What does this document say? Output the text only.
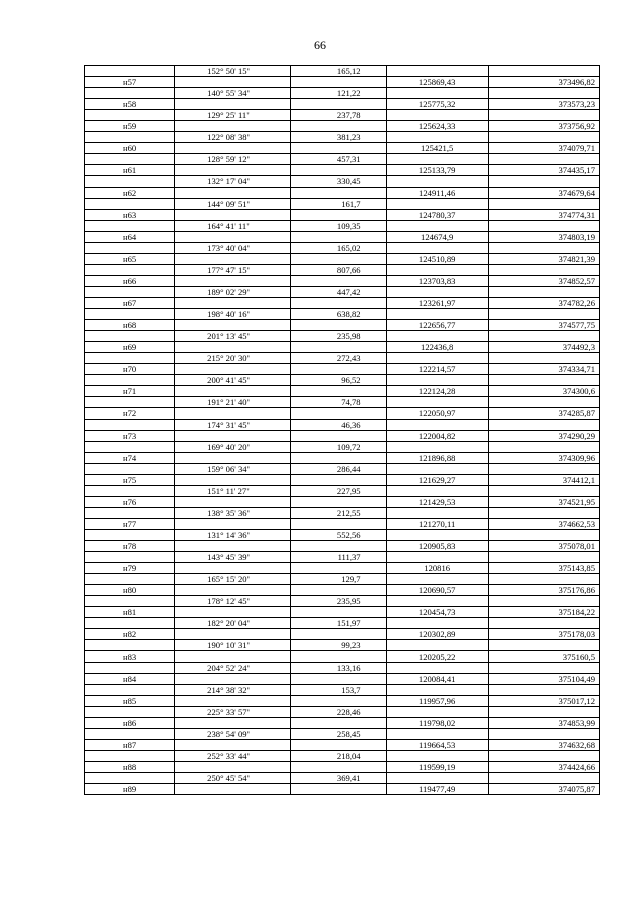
66
	152° 50' 15"	165,12		
н57			125869,43	373496,82
	140° 55' 34"	121,22		
н58			125775,32	373573,23
	129° 25' 11"	237,78		
н59			125624,33	373756,92
	122° 08' 38"	381,23		
н60			125421,5	374079,71
	128° 59' 12"	457,31		
н61			125133,79	374435,17
	132° 17' 04"	330,45		
н62			124911,46	374679,64
	144° 09' 51"	161,7		
н63			124780,37	374774,31
	164° 41' 11"	109,35		
н64			124674,9	374803,19
	173° 40' 04"	165,02		
н65			124510,89	374821,39
	177° 47' 15"	807,66		
н66			123703,83	374852,57
	189° 02' 29"	447,42		
н67			123261,97	374782,26
	198° 40' 16"	638,82		
н68			122656,77	374577,75
	201° 13' 45"	235,98		
н69			122436,8	374492,3
	215° 20' 30"	272,43		
н70			122214,57	374334,71
	200° 41' 45"	96,52		
н71			122124,28	374300,6
	191° 21' 40"	74,78		
н72			122050,97	374285,87
	174° 31' 45"	46,36		
н73			122004,82	374290,29
	169° 40' 20"	109,72		
н74			121896,88	374309,96
	159° 06' 34"	286,44		
н75			121629,27	374412,1
	151° 11' 27"	227,95		
н76			121429,53	374521,95
	138° 35' 36"	212,55		
н77			121270,11	374662,53
	131° 14' 36"	552,56		
н78			120905,83	375078,01
	143° 45' 39"	111,37		
н79			120816	375143,85
	165° 15' 20"	129,7		
н80			120690,57	375176,86
	178° 12' 45"	235,95		
н81			120454,73	375184,22
	182° 20' 04"	151,97		
н82			120302,89	375178,03
	190° 10' 31"	99,23		
н83			120205,22	375160,5
	204° 52' 24"	133,16		
н84			120084,41	375104,49
	214° 38' 32"	153,7		
н85			119957,96	375017,12
	225° 33' 57"	228,46		
н86			119798,02	374853,99
	238° 54' 09"	258,45		
н87			119664,53	374632,68
	252° 33' 44"	218,04		
н88			119599,19	374424,66
	250° 45' 54"	369,41		
н89			119477,49	374075,87
